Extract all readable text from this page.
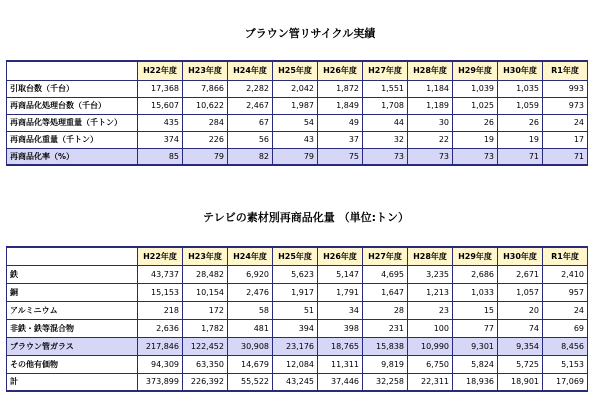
ブラウン管リサイクル実績
	H22年度	H23年度	H24年度	H25年度	H26年度	H27年度	H28年度	H29年度	H30年度	R1年度
引取台数（千台）	17,368	7,866	2,282	2,042	1,872	1,551	1,184	1,039	1,035	993
再商品化処理台数（千台）	15,607	10,622	2,467	1,987	1,849	1,708	1,189	1,025	1,059	973
再商品化等処理重量（千トン）	435	284	67	54	49	44	30	26	26	24
再商品化重量（千トン）	374	226	56	43	37	32	22	19	19	17
再商品化率（%）	85	79	82	79	75	73	73	73	71	71
テレビの素材別再商品化量 （単位:トン）
	H22年度	H23年度	H24年度	H25年度	H26年度	H27年度	H28年度	H29年度	H30年度	R1年度
鉄	43,737	28,482	6,920	5,623	5,147	4,695	3,235	2,686	2,671	2,410
銅	15,153	10,154	2,476	1,917	1,791	1,647	1,213	1,033	1,057	957
アルミニウム	218	172	58	51	34	28	23	15	20	24
非鉄・鉄等混合物	2,636	1,782	481	394	398	231	100	77	74	69
ブラウン管ガラス	217,846	122,452	30,908	23,176	18,765	15,838	10,990	9,301	9,354	8,456
その他有価物	94,309	63,350	14,679	12,084	11,311	9,819	6,750	5,824	5,725	5,153
計	373,899	226,392	55,522	43,245	37,446	32,258	22,311	18,936	18,901	17,069
